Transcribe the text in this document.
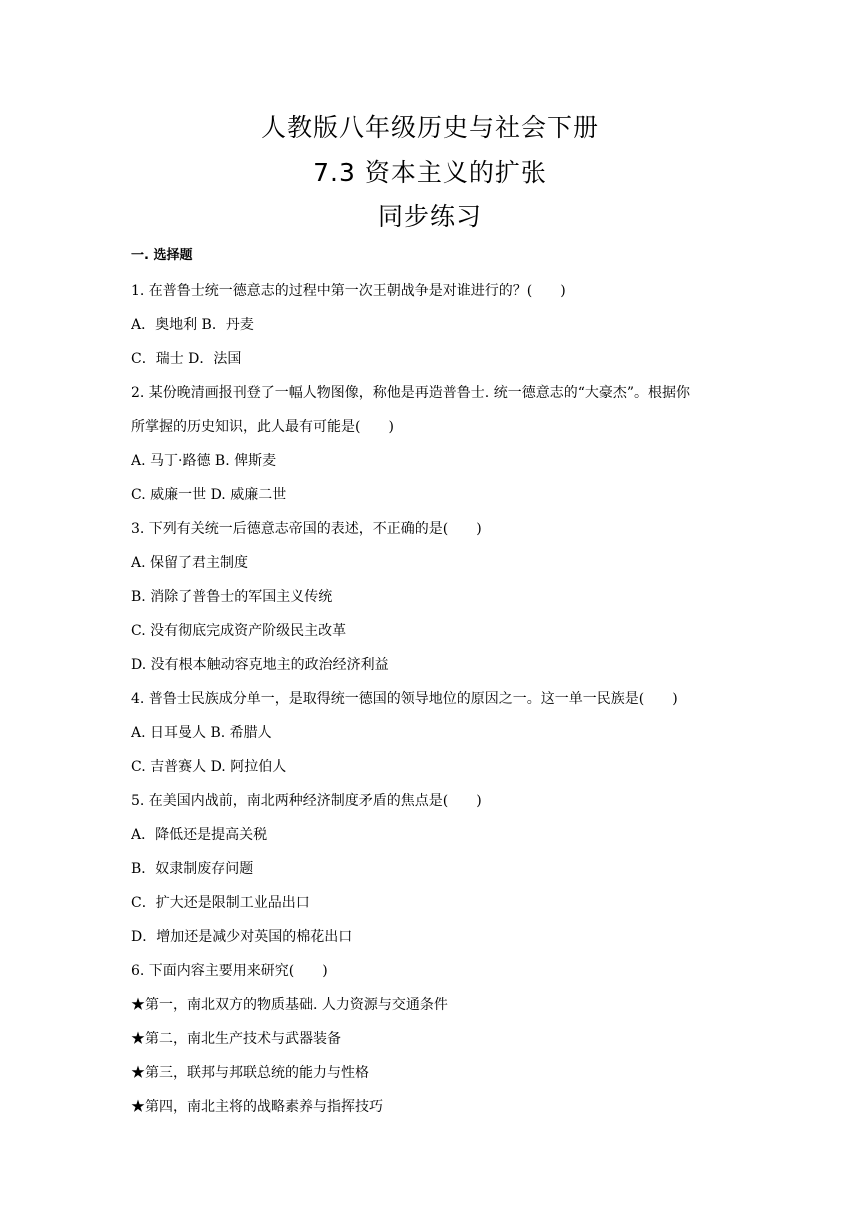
人教版八年级历史与社会下册
7.3 资本主义的扩张
同步练习
一. 选择题
1. 在普鲁士统一德意志的过程中第一次王朝战争是对谁进行的？(　　)
A．奥地利 B．丹麦
C．瑞士 D．法国
2. 某份晚清画报刊登了一幅人物图像，称他是再造普鲁士. 统一德意志的“大豪杰”。根据你
所掌握的历史知识，此人最有可能是(　　)
A. 马丁·路德 B. 俾斯麦
C. 威廉一世 D. 威廉二世
3. 下列有关统一后德意志帝国的表述，不正确的是(　　)
A. 保留了君主制度
B. 消除了普鲁士的军国主义传统
C. 没有彻底完成资产阶级民主改革
D. 没有根本触动容克地主的政治经济利益
4. 普鲁士民族成分单一，是取得统一德国的领导地位的原因之一。这一单一民族是(　　)
A. 日耳曼人 B. 希腊人
C. 吉普赛人 D. 阿拉伯人
5. 在美国内战前，南北两种经济制度矛盾的焦点是(　　)
A．降低还是提高关税
B．奴隶制废存问题
C．扩大还是限制工业品出口
D．增加还是减少对英国的棉花出口
6. 下面内容主要用来研究(　　)
★第一，南北双方的物质基础. 人力资源与交通条件
★第二，南北生产技术与武器装备
★第三，联邦与邦联总统的能力与性格
★第四，南北主将的战略素养与指挥技巧
